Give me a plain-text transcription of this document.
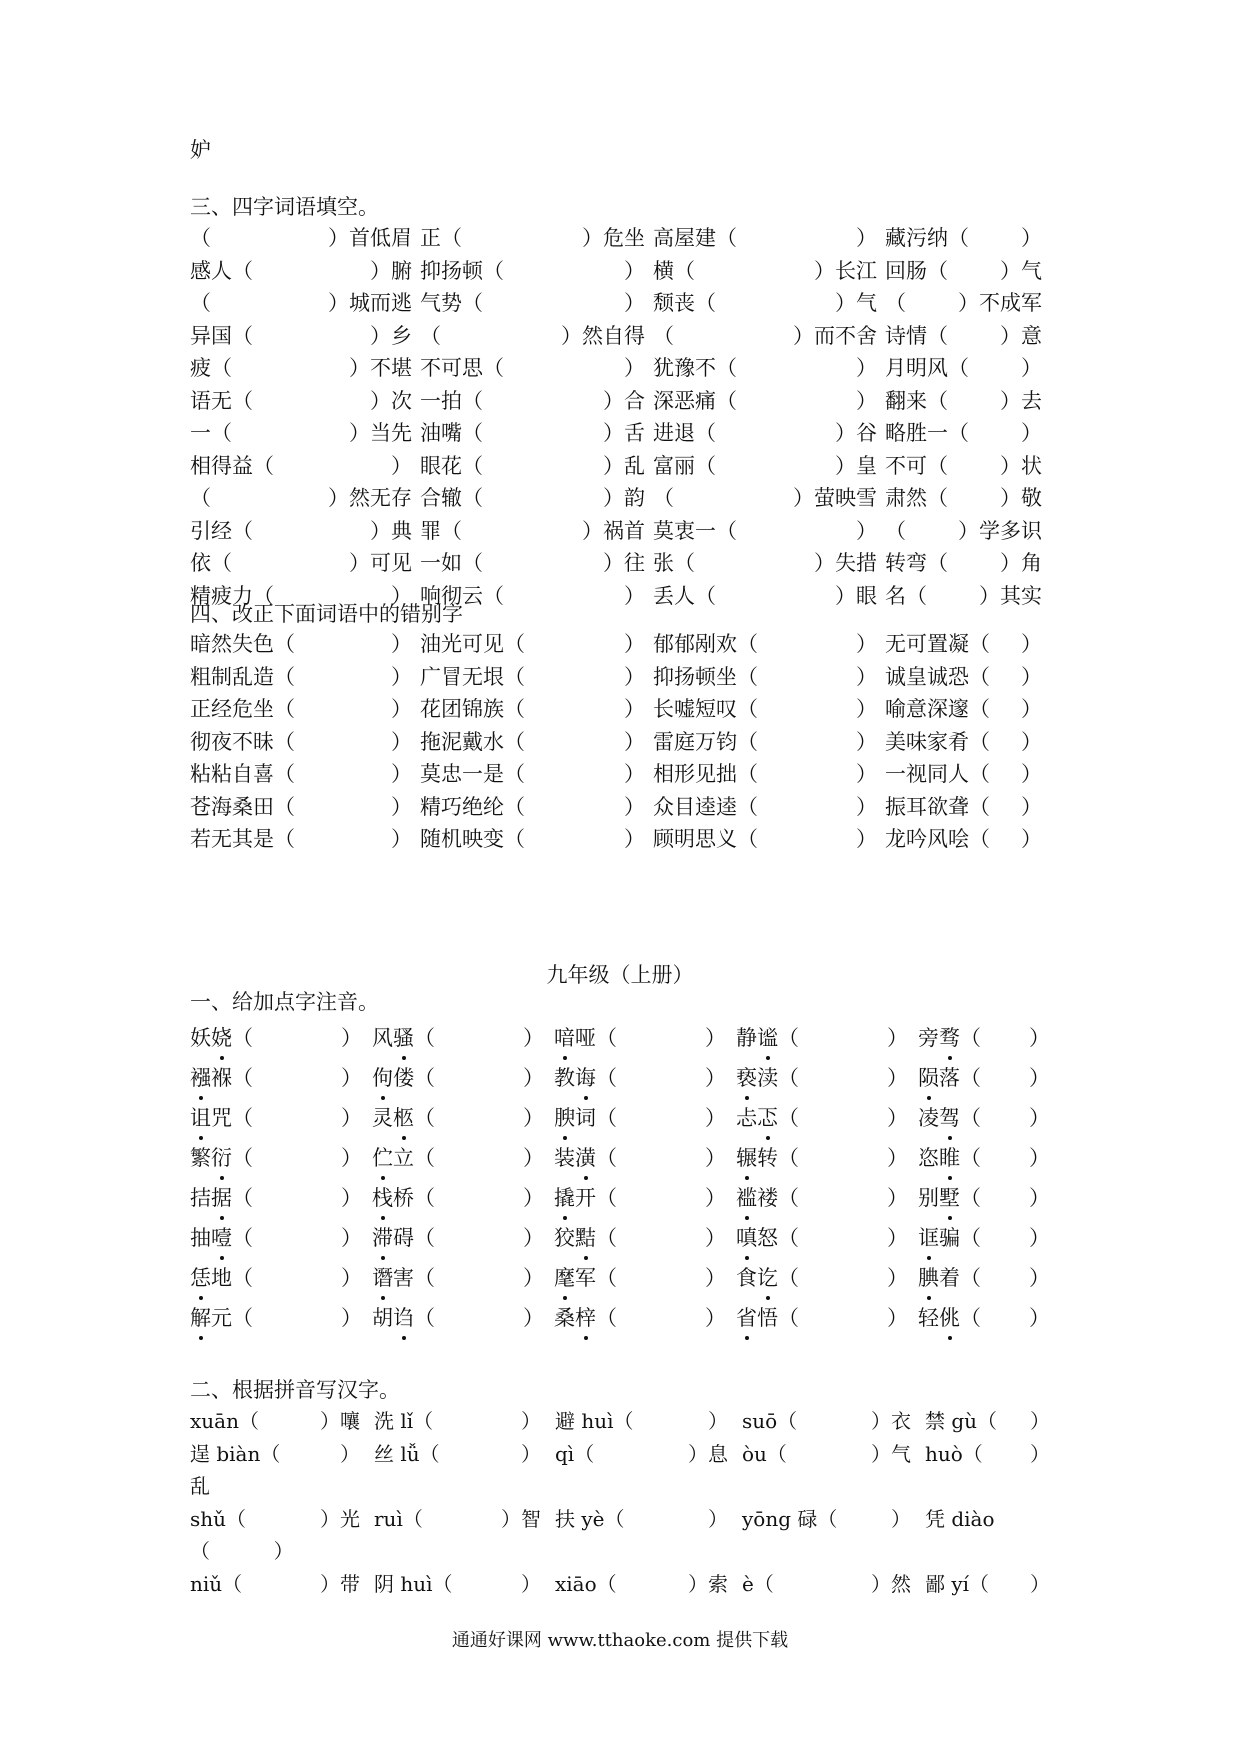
妒
三、四字词语填空。
（	）首低眉 正（	）危坐 高屋建（	） 藏污纳（ ）
感人（	）腑 抑扬顿（	） 横（	）长江 回肠（ ）气
（	）城而逃 气势（	） 颓丧（	）气 （ ）不成军
异国（	）乡 （	）然自得 （	）而不舍 诗情（ ）意
疲（	）不堪 不可思（	） 犹豫不（	） 月明风（ ）
语无（	）次 一拍（	）合 深恶痛（	） 翻来（ ）去
一（	）当先 油嘴（	）舌 进退（	）谷 略胜一（ ）
相得益（	） 眼花（	）乱 富丽（	）皇 不可（ ）状
（	）然无存 合辙（	）韵 （	）萤映雪 肃然（ ）敬
引经（	）典 罪（	）祸首 莫衷一（	） （ ）学多识
依（	）可见 一如（	）往 张（	）失措 转弯（ ）角
精疲力（	） 响彻云（	） 丢人（	）眼 名（ ）其实
四、改正下面词语中的错别字
暗然失色（	） 油光可见（	） 郁郁剐欢（	） 无可置凝（ ）
粗制乱造（	） 广冒无垠（	） 抑扬顿坐（	） 诚皇诚恐（ ）
正经危坐（	） 花团锦族（	） 长嘘短叹（	） 喻意深邃（ ）
彻夜不昧（	） 拖泥戴水（	） 雷庭万钧（	） 美味家肴（ ）
粘粘自喜（	） 莫忠一是（	） 相形见拙（	） 一视同人（ ）
苍海桑田（	） 精巧绝纶（	） 众目逵逵（	） 振耳欲聋（ ）
若无其是（	） 随机映变（	） 顾明思义（	） 龙吟风哙（ ）
九年级（上册）
一、给加点字注音。
妖娆（	） 风骚（	） 喑哑（	） 静谧（	） 旁骛（ ）
襁褓（	） 佝偻（	） 教诲（	） 亵渎（	） 陨落（ ）
诅咒（	） 灵柩（	） 腴词（	） 忐忑（	） 凌驾（ ）
繁衍（	） 伫立（	） 装潢（	） 辗转（	） 恣睢（ ）
拮据（	） 栈桥（	） 撬开（	） 褴褛（	） 别墅（ ）
抽噎（	） 滞碍（	） 狡黠（	） 嗔怒（	） 诓骗（ ）
恁地（	） 谮害（	） 麾军（	） 食讫（	） 腆着（ ）
解元（	） 胡诌（	） 桑梓（	） 省悟（	） 轻佻（ ）
二、根据拼音写汉字。
xuān（	）嚷 洗 lǐ（	） 避 huì（	） suō（	）衣 禁 gù（ ）
逞 biàn（	） 丝 lǚ（	） qì（	）息 òu（	）气 huò（ ）
乱
shǔ（	）光 ruì（	）智 扶 yè（	） yōng 碌（	） 凭 diào
（          ）
niǔ（	）带 阴 huì（	） xiāo（	）索 è（	）然 鄙 yí（ ）
通通好课网 www.tthaoke.com 提供下载
